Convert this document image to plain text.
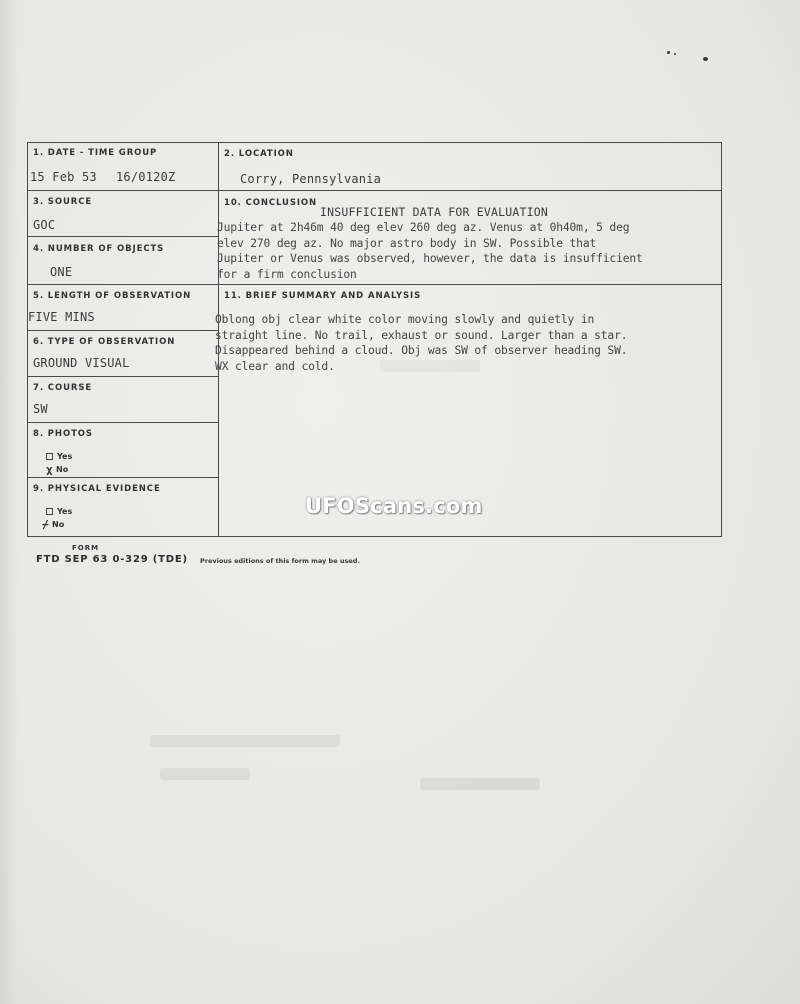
1. DATE - TIME GROUP
15 Feb 53 16/0120Z
2. LOCATION
Corry, Pennsylvania
3. SOURCE
GOC
4. NUMBER OF OBJECTS
ONE
10. CONCLUSION
INSUFFICIENT DATA FOR EVALUATION
Jupiter at 2h46m 40 deg elev 260 deg az. Venus at 0h40m, 5 deg
elev 270 deg az. No major astro body in SW. Possible that
Jupiter or Venus was observed, however, the data is insufficient
for a firm conclusion
5. LENGTH OF OBSERVATION
FIVE MINS
11. BRIEF SUMMARY AND ANALYSIS
Oblong obj clear white color moving slowly and quietly in
straight line. No trail, exhaust or sound. Larger than a star.
Disappeared behind a cloud. Obj was SW of observer heading SW.
WX clear and cold.
6. TYPE OF OBSERVATION
GROUND VISUAL
7. COURSE
SW
8. PHOTOS
Yes
χ No
9. PHYSICAL EVIDENCE
Yes
⌿ No
FORM
FTD SEP 63 0-329 (TDE) Previous editions of this form may be used.
UFOScans.com
